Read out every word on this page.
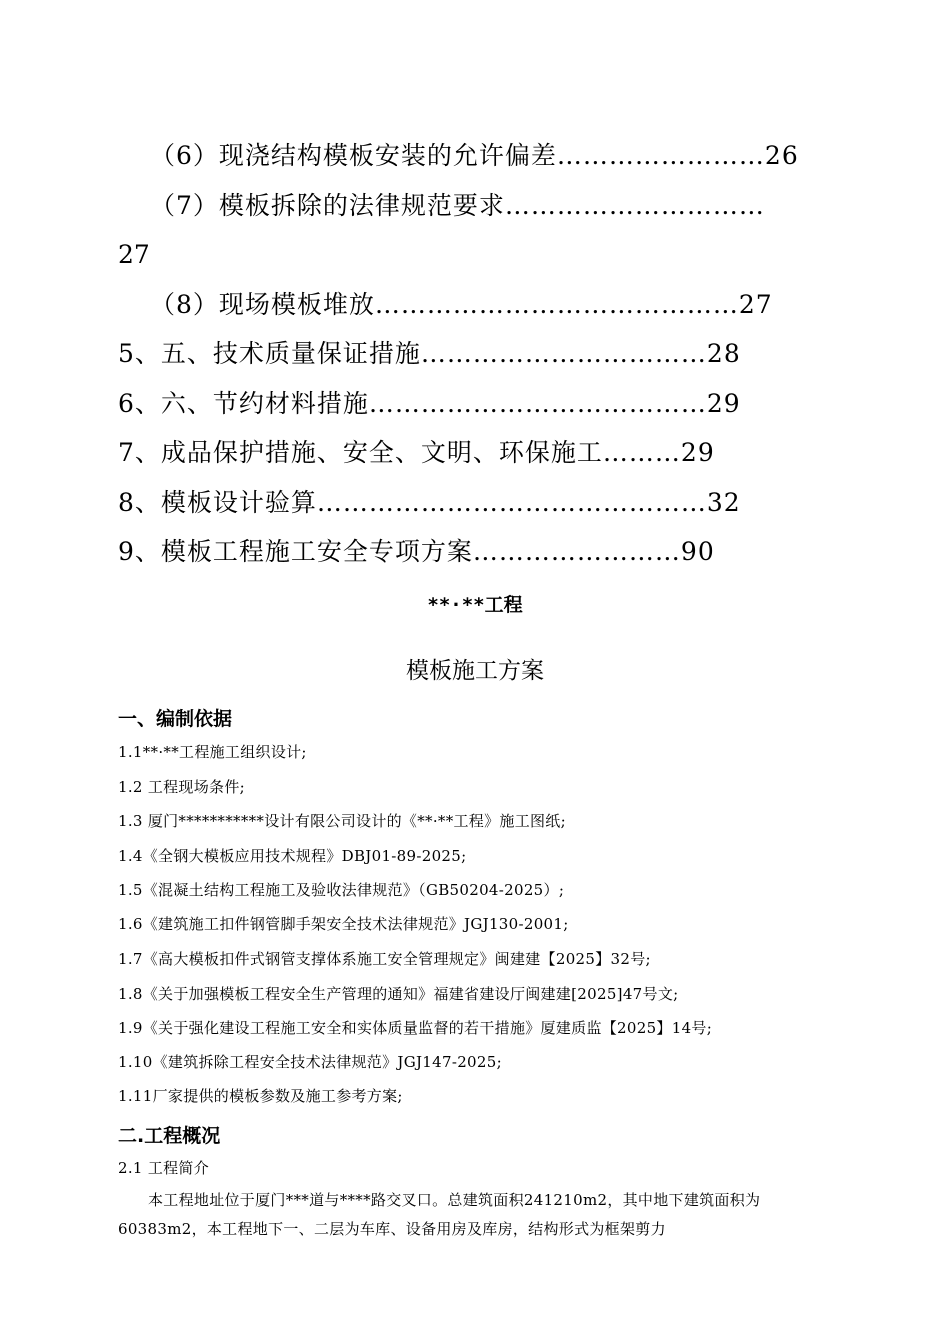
（6）现浇结构模板安装的允许偏差……………………26
（7）模板拆除的法律规范要求…………………………
27
（8）现场模板堆放……………………………………27
5、五、技术质量保证措施……………………………28
6、六、节约材料措施…………………………………29
7、成品保护措施、安全、文明、环保施工………29
8、模板设计验算………………………………………32
9、模板工程施工安全专项方案……………………90
**·**工程
模板施工方案
一、编制依据
1.1**·**工程施工组织设计;
1.2 工程现场条件;
1.3 厦门***********设计有限公司设计的《**·**工程》施工图纸;
1.4《全钢大模板应用技术规程》DBJ01-89-2025;
1.5《混凝土结构工程施工及验收法律规范》（GB50204-2025）;
1.6《建筑施工扣件钢管脚手架安全技术法律规范》JGJ130-2001;
1.7《高大模板扣件式钢管支撑体系施工安全管理规定》闽建建【2025】32号;
1.8《关于加强模板工程安全生产管理的通知》福建省建设厅闽建建[2025]47号文;
1.9《关于强化建设工程施工安全和实体质量监督的若干措施》厦建质监【2025】14号;
1.10《建筑拆除工程安全技术法律规范》JGJ147-2025;
1.11厂家提供的模板参数及施工参考方案;
二.工程概况
2.1 工程简介
本工程地址位于厦门***道与****路交叉口。总建筑面积241210m2，其中地下建筑面积为60383m2，本工程地下一、二层为车库、设备用房及库房，结构形式为框架剪力
